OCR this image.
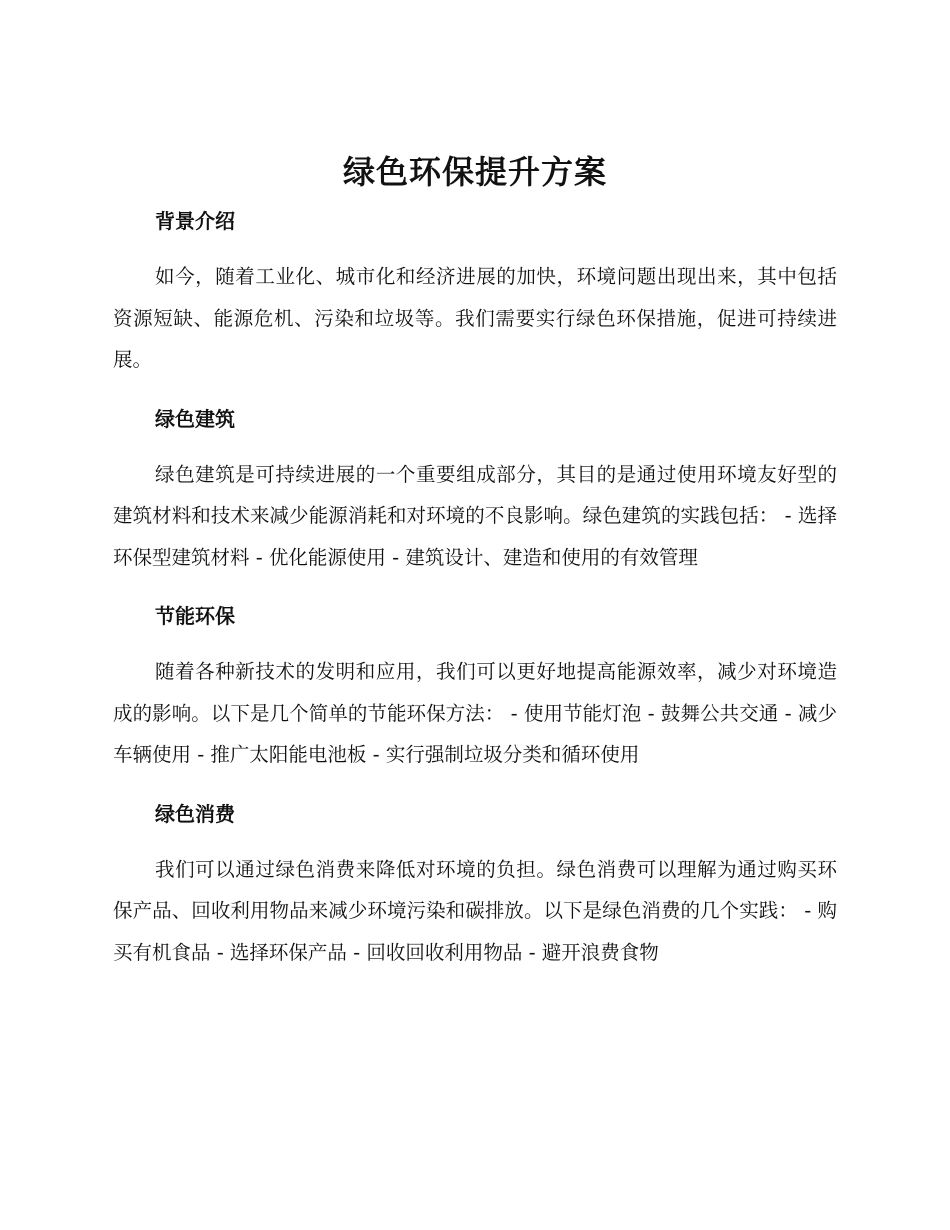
绿色环保提升方案
背景介绍

如今，随着工业化、城市化和经济进展的加快，环境问题出现出来，其中包括资源短缺、能源危机、污染和垃圾等。我们需要实行绿色环保措施，促进可持续进展。

绿色建筑

绿色建筑是可持续进展的一个重要组成部分，其目的是通过使用环境友好型的建筑材料和技术来减少能源消耗和对环境的不良影响。绿色建筑的实践包括： - 选择环保型建筑材料 - 优化能源使用 - 建筑设计、建造和使用的有效管理

节能环保

随着各种新技术的发明和应用，我们可以更好地提高能源效率，减少对环境造成的影响。以下是几个简单的节能环保方法： - 使用节能灯泡 - 鼓舞公共交通 - 减少车辆使用 - 推广太阳能电池板 - 实行强制垃圾分类和循环使用

绿色消费

我们可以通过绿色消费来降低对环境的负担。绿色消费可以理解为通过购买环保产品、回收利用物品来减少环境污染和碳排放。以下是绿色消费的几个实践： - 购买有机食品 - 选择环保产品 - 回收回收利用物品 - 避开浪费食物
